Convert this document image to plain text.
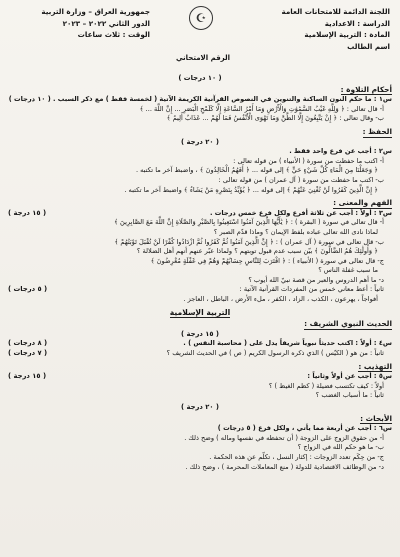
اللجنة الدائمة للامتحانات العامة
الدراسة : الاعدادية
المادة : التربية الإسلامية
اسم الطالب
☪
جمهورية العراق – وزارة التربية
الدور الثاني ٢٠٢٢ – ٢٠٢٣
الوقت : ثلاث ساعات
الرقم الامتحاني
( ١٠ درجات )
أحكام التلاوة :
س١ : ما حكم النون الساكنة والتنوين في النصوص القرآنية الكريمة الآتية ( لخمسة فقط ) مع ذكر السبب . ( ١٠ درجات )
أ- قال تعالى : ﴿ وَلِلَّهِ غَيْبُ السَّمَٰوَٰتِ وَالْأَرْضِ وَمَا أَمْرُ السَّاعَةِ إِلَّا كَلَمْحِ الْبَصَرِ ... إِنَّ اللَّهَ ... ﴾
ب- وقال تعالى : ﴿ إِنْ يَتَّبِعُونَ إِلَّا الظَّنَّ وَمَا تَهْوَى الْأَنْفُسُ فَمَا لَهُمْ ... عَذَابٌ أَلِيمٌ ﴾
الحفظ :
( ٢٠ درجة )
س٢ : أجب عن فرع واحد فقط .
أ- اكتب ما حفظت من سورة ( الأنبياء ) من قوله تعالى :
﴿ وَجَعَلْنَا مِنَ الْمَاءِ كُلَّ شَيْءٍ حَيٍّ ﴾ إلى قوله ... ﴿ أَفَهُمُ الْخَالِدُونَ ﴾ ، واضبط آخر ما تكتبه .
ب- اكتب ما حفظت من سورة ( آل عمران ) من قوله تعالى :
﴿ إِنَّ الَّذِينَ كَفَرُوا لَنْ تُغْنِيَ عَنْهُمْ ﴾ إلى قوله ... ﴿ يُؤَيِّدُ بِنَصْرِهِ مَنْ يَشَاءُ ﴾ واضبط آخر ما تكتبه .
الفهم والمعنى :
( ١٥ درجة )	س٣ : أولاً : أجب عن ثلاثة أفرع ولكل فرع خمس درجات .
أ- قال تعالى في سورة ( البقرة ) : ﴿ يَٰأَيُّهَا الَّذِينَ آمَنُوا اسْتَعِينُوا بِالصَّبْرِ وَالصَّلَاةِ إِنَّ اللَّهَ مَعَ الصَّابِرِينَ ﴾
لماذا نادى الله تعالى عباده بلفظ الإيمان ؟ وماذا قدّم الصبر ؟
ب- قال تعالى في سورة ( آل عمران ) : ﴿ إِنَّ الَّذِينَ آمَنُوا ثُمَّ كَفَرُوا ثُمَّ ازْدَادُوا كُفْرًا لَنْ تُقْبَلَ تَوْبَتُهُمْ ﴾
﴿ وَأُولَٰئِكَ هُمُ الضَّالُّونَ ﴾ بيّن سبب عدم قبول توبتهم ؟ ولماذا عبّر عنهم أنهم أهل الضلالة ؟
ج- قال تعالى في سورة ( الأنبياء ) : ﴿ اقْتَرَبَ لِلنَّاسِ حِسَابُهُمْ وَهُمْ فِي غَفْلَةٍ مُعْرِضُونَ ﴾
ما سبب غفلة الناس ؟
د- ما أهم الدروس والعبر من قصة نبيّ الله أيوب ؟
( ٥ درجات )	ثانياً : أعط معاني خمس من المفردات القرآنية الآتية :
أفواجاً ، يهرعون ، الكذب ، الزاد ، الكفر ، ملء الأرض ، الباطل ، العاجز .
التربية الإسلامية
الحديث النبوي الشريف :
( ١٥ درجة )
( ٨ درجات )	س٤ : أولاً : اكتب حديثاً نبوياً شريفاً يدل على ( محاسبة النفس ) .
( ٧ درجات )	ثانياً : من هو ( الكيّس ) الذي ذكره الرسول الكريم ( ص ) في الحديث الشريف ؟
التهذيب :
( ١٥ درجة )	س٥ : أجب عن أولاً وثانياً :
أولاً : كيف تكتسب فضيلة ( كظم الغيظ ) ؟
ثانياً : ما أسباب الغضب ؟
( ٢٠ درجة )
الأبحاث :
س٦ : أجب عن أربعة مما يأتي ، ولكل فرع ( ٥ درجات )
أ- من حقوق الزوج على الزوجة ( أن تحفظه في نفسها وماله ) وضح ذلك .
ب- ما هو حكم الله في الزواج ؟
ج- من حِكَم تعدد الزوجات : إكثار النسل ، تكلّم عن هذه الحكمة .
د- من الوظائف الاقتصادية للدولة ( منع المعاملات المحرمة ) ، وضح ذلك .
